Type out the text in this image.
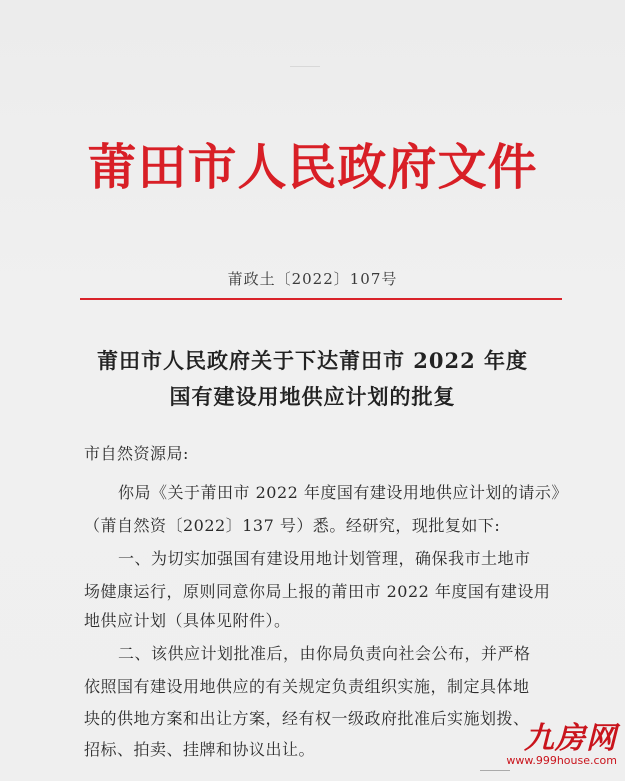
莆田市人民政府文件
莆政土〔2022〕107号
莆田市人民政府关于下达莆田市 2022 年度
国有建设用地供应计划的批复
市自然资源局:
你局《关于莆田市 2022 年度国有建设用地供应计划的请示》
（莆自然资〔2022〕137 号）悉。经研究，现批复如下:
一、为切实加强国有建设用地计划管理，确保我市土地市
场健康运行，原则同意你局上报的莆田市 2022 年度国有建设用
地供应计划（具体见附件）。
二、该供应计划批准后，由你局负责向社会公布，并严格
依照国有建设用地供应的有关规定负责组织实施，制定具体地
块的供地方案和出让方案，经有权一级政府批准后实施划拨、
招标、拍卖、挂牌和协议出让。	九房网
www.999house.com
